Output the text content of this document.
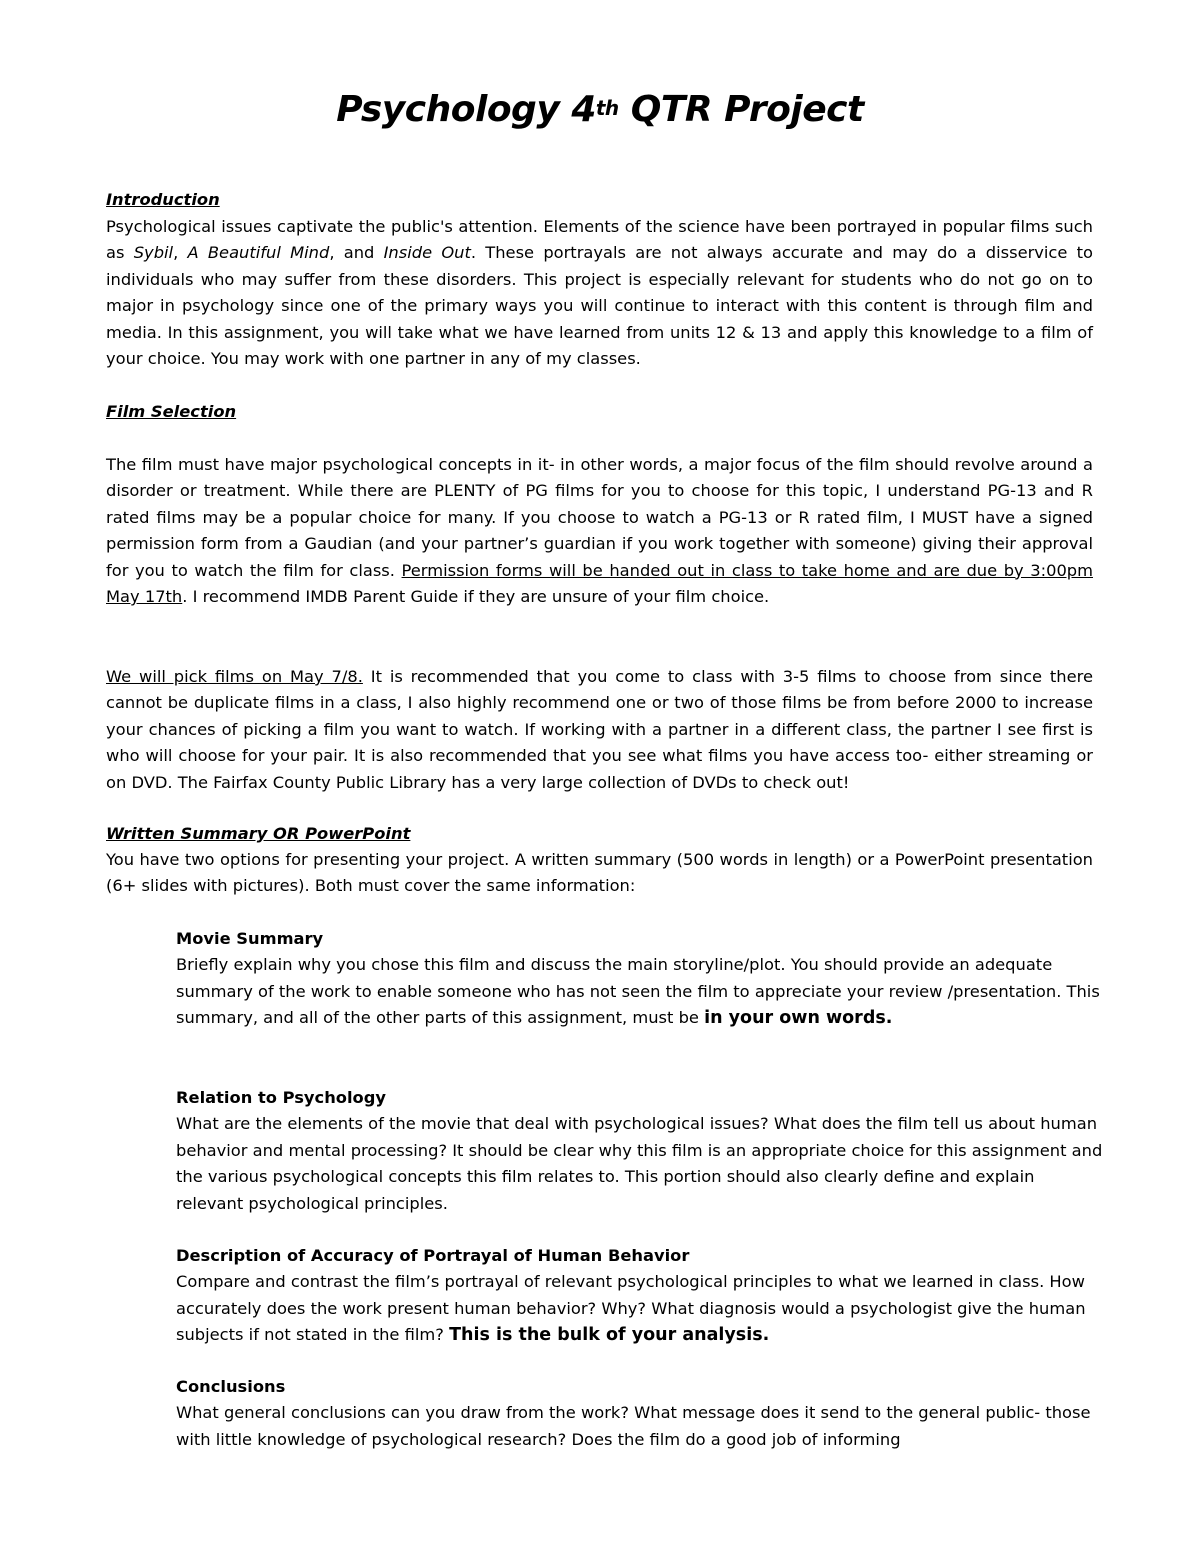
Psychology 4th QTR Project
Introduction
Psychological issues captivate the public's attention. Elements of the science have been portrayed in popular films such as Sybil, A Beautiful Mind, and Inside Out. These portrayals are not always accurate and may do a disservice to individuals who may suffer from these disorders. This project is especially relevant for students who do not go on to major in psychology since one of the primary ways you will continue to interact with this content is through film and media. In this assignment, you will take what we have learned from units 12 & 13 and apply this knowledge to a film of your choice. You may work with one partner in any of my classes.
Film Selection
The film must have major psychological concepts in it- in other words, a major focus of the film should revolve around a disorder or treatment. While there are PLENTY of PG films for you to choose for this topic, I understand PG-13 and R rated films may be a popular choice for many. If you choose to watch a PG-13 or R rated film, I MUST have a signed permission form from a Gaudian (and your partner’s guardian if you work together with someone) giving their approval for you to watch the film for class. Permission forms will be handed out in class to take home and are due by 3:00pm May 17th. I recommend IMDB Parent Guide if they are unsure of your film choice.
We will pick films on May 7/8. It is recommended that you come to class with 3-5 films to choose from since there cannot be duplicate films in a class, I also highly recommend one or two of those films be from before 2000 to increase your chances of picking a film you want to watch. If working with a partner in a different class, the partner I see first is who will choose for your pair. It is also recommended that you see what films you have access too- either streaming or on DVD. The Fairfax County Public Library has a very large collection of DVDs to check out!
Written Summary OR PowerPoint
You have two options for presenting your project. A written summary (500 words in length) or a PowerPoint presentation (6+ slides with pictures). Both must cover the same information:

Movie Summary

Briefly explain why you chose this film and discuss the main storyline/plot. You should provide an adequate summary of the work to enable someone who has not seen the film to appreciate your review /presentation. This summary, and all of the other parts of this assignment, must be in your own words.

Relation to Psychology

What are the elements of the movie that deal with psychological issues? What does the film tell us about human behavior and mental processing? It should be clear why this film is an appropriate choice for this assignment and the various psychological concepts this film relates to. This portion should also clearly define and explain relevant psychological principles.

Description of Accuracy of Portrayal of Human Behavior

Compare and contrast the film’s portrayal of relevant psychological principles to what we learned in class. How accurately does the work present human behavior? Why? What diagnosis would a psychologist give the human subjects if not stated in the film? This is the bulk of your analysis.

Conclusions

What general conclusions can you draw from the work? What message does it send to the general public- those with little knowledge of psychological research? Does the film do a good job of informing
